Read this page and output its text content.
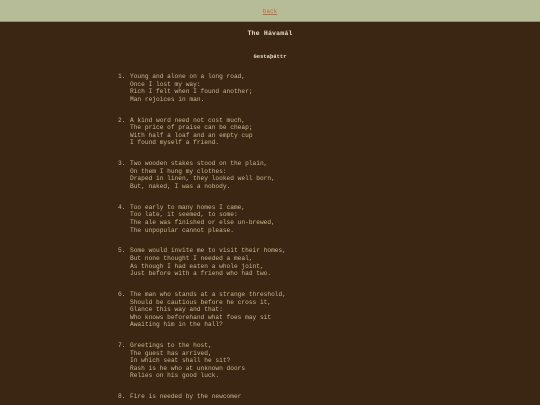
back
The Hávamál
Gestaþáttr
1. Young and alone on a long road,
Once I lost my way:
Rich I felt when I found another;
Man rejoices in man.
2. A kind word need not cost much,
The price of praise can be cheap;
With half a loaf and an empty cup
I found myself a friend.
3. Two wooden stakes stood on the plain,
On them I hung my clothes:
Draped in linen, they looked well born,
But, naked, I was a nobody.
4. Too early to many homes I came,
Too late, it seemed, to some:
The ale was finished or else un-brewed,
The unpopular cannot please.
5. Some would invite me to visit their homes,
But none thought I needed a meal,
As though I had eaten a whole joint,
Just before with a friend who had two.
6. The man who stands at a strange threshold,
Should be cautious before he cross it,
Glance this way and that:
Who knows beforehand what foes may sit
Awaiting him in the hall?
7. Greetings to the host,
The guest has arrived,
In which seat shall he sit?
Rash is he who at unknown doors
Relies on his good luck.
8. Fire is needed by the newcomer
